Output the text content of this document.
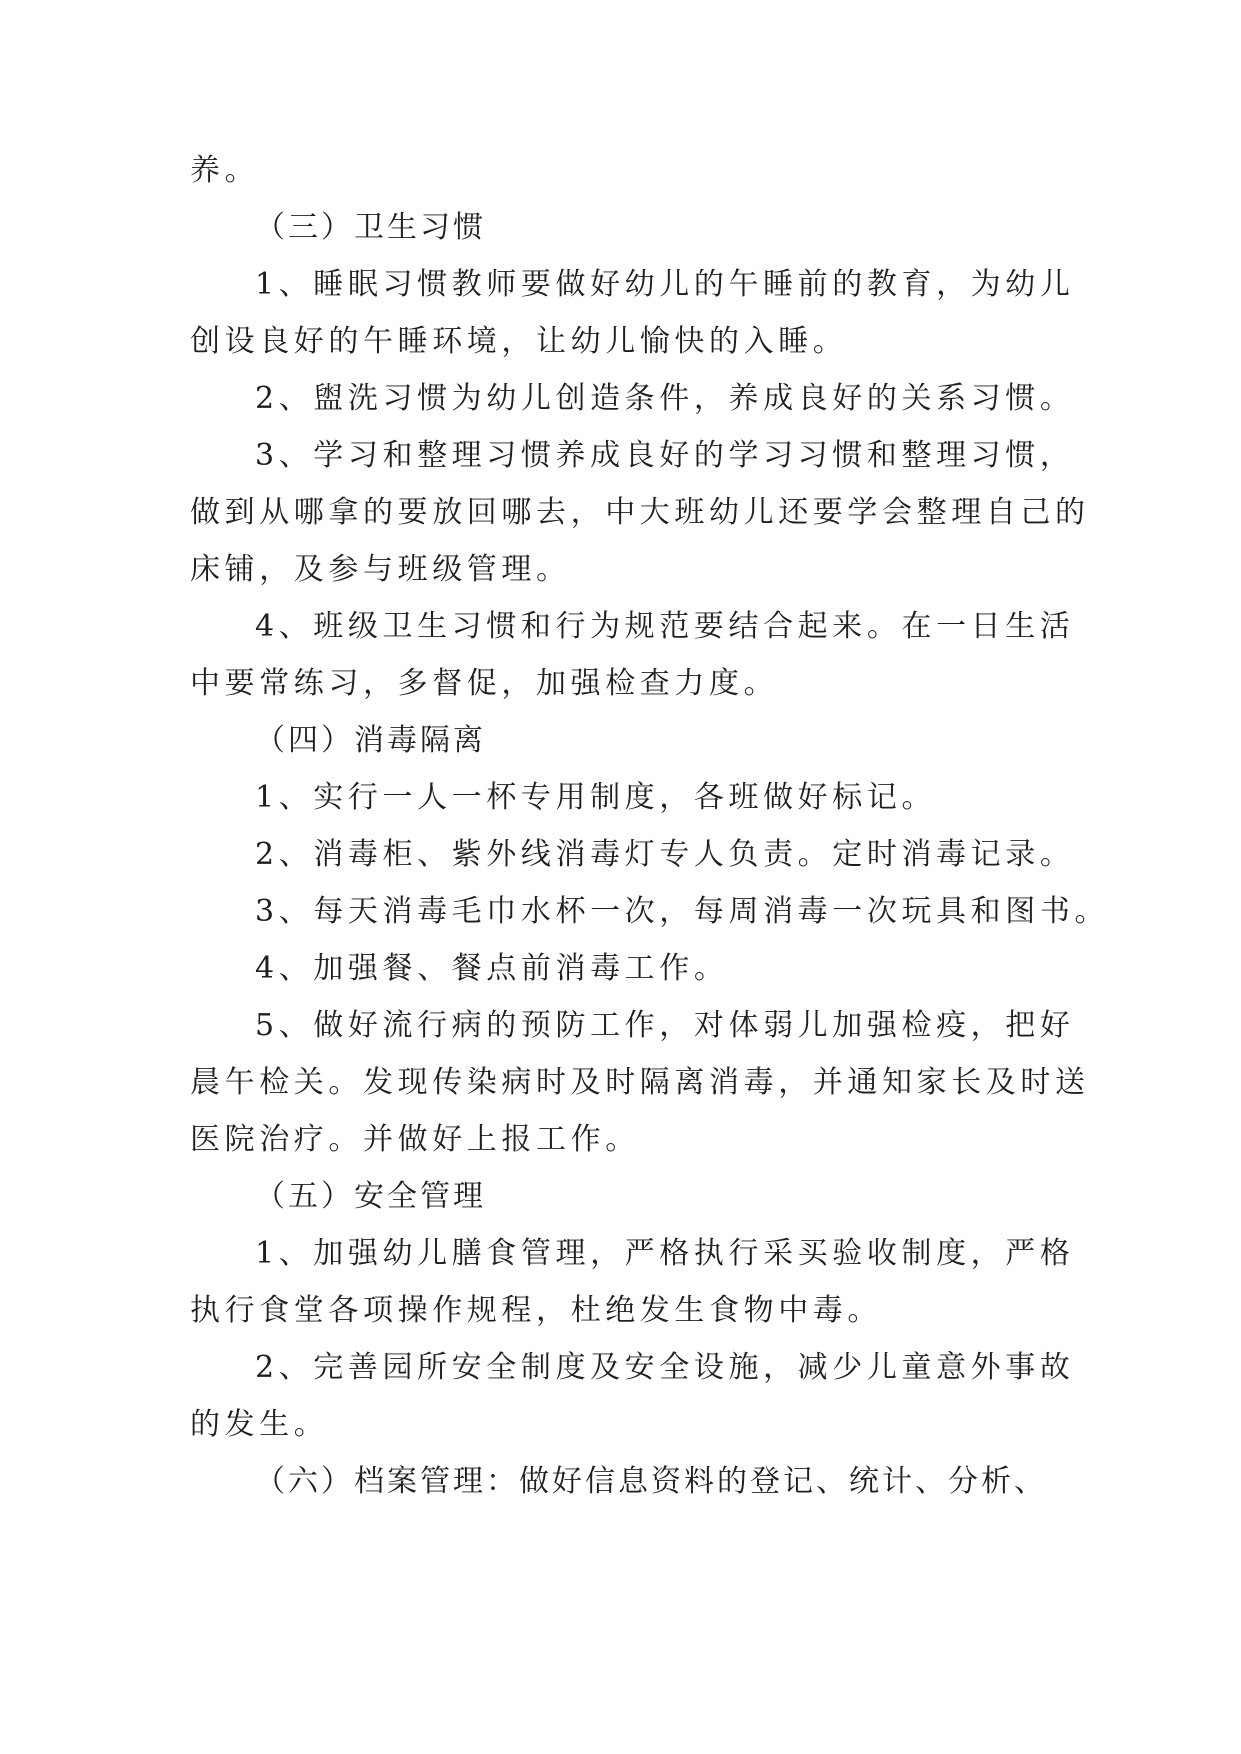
养。
（三）卫生习惯
1、睡眠习惯教师要做好幼儿的午睡前的教育，为幼儿
创设良好的午睡环境，让幼儿愉快的入睡。
2、盥洗习惯为幼儿创造条件，养成良好的关系习惯。
3、学习和整理习惯养成良好的学习习惯和整理习惯，
做到从哪拿的要放回哪去，中大班幼儿还要学会整理自己的
床铺，及参与班级管理。
4、班级卫生习惯和行为规范要结合起来。在一日生活
中要常练习，多督促，加强检查力度。
（四）消毒隔离
1、实行一人一杯专用制度，各班做好标记。
2、消毒柜、紫外线消毒灯专人负责。定时消毒记录。
3、每天消毒毛巾水杯一次，每周消毒一次玩具和图书。
4、加强餐、餐点前消毒工作。
5、做好流行病的预防工作，对体弱儿加强检疫，把好
晨午检关。发现传染病时及时隔离消毒，并通知家长及时送
医院治疗。并做好上报工作。
（五）安全管理
1、加强幼儿膳食管理，严格执行采买验收制度，严格
执行食堂各项操作规程，杜绝发生食物中毒。
2、完善园所安全制度及安全设施，减少儿童意外事故
的发生。
（六）档案管理：做好信息资料的登记、统计、分析、
